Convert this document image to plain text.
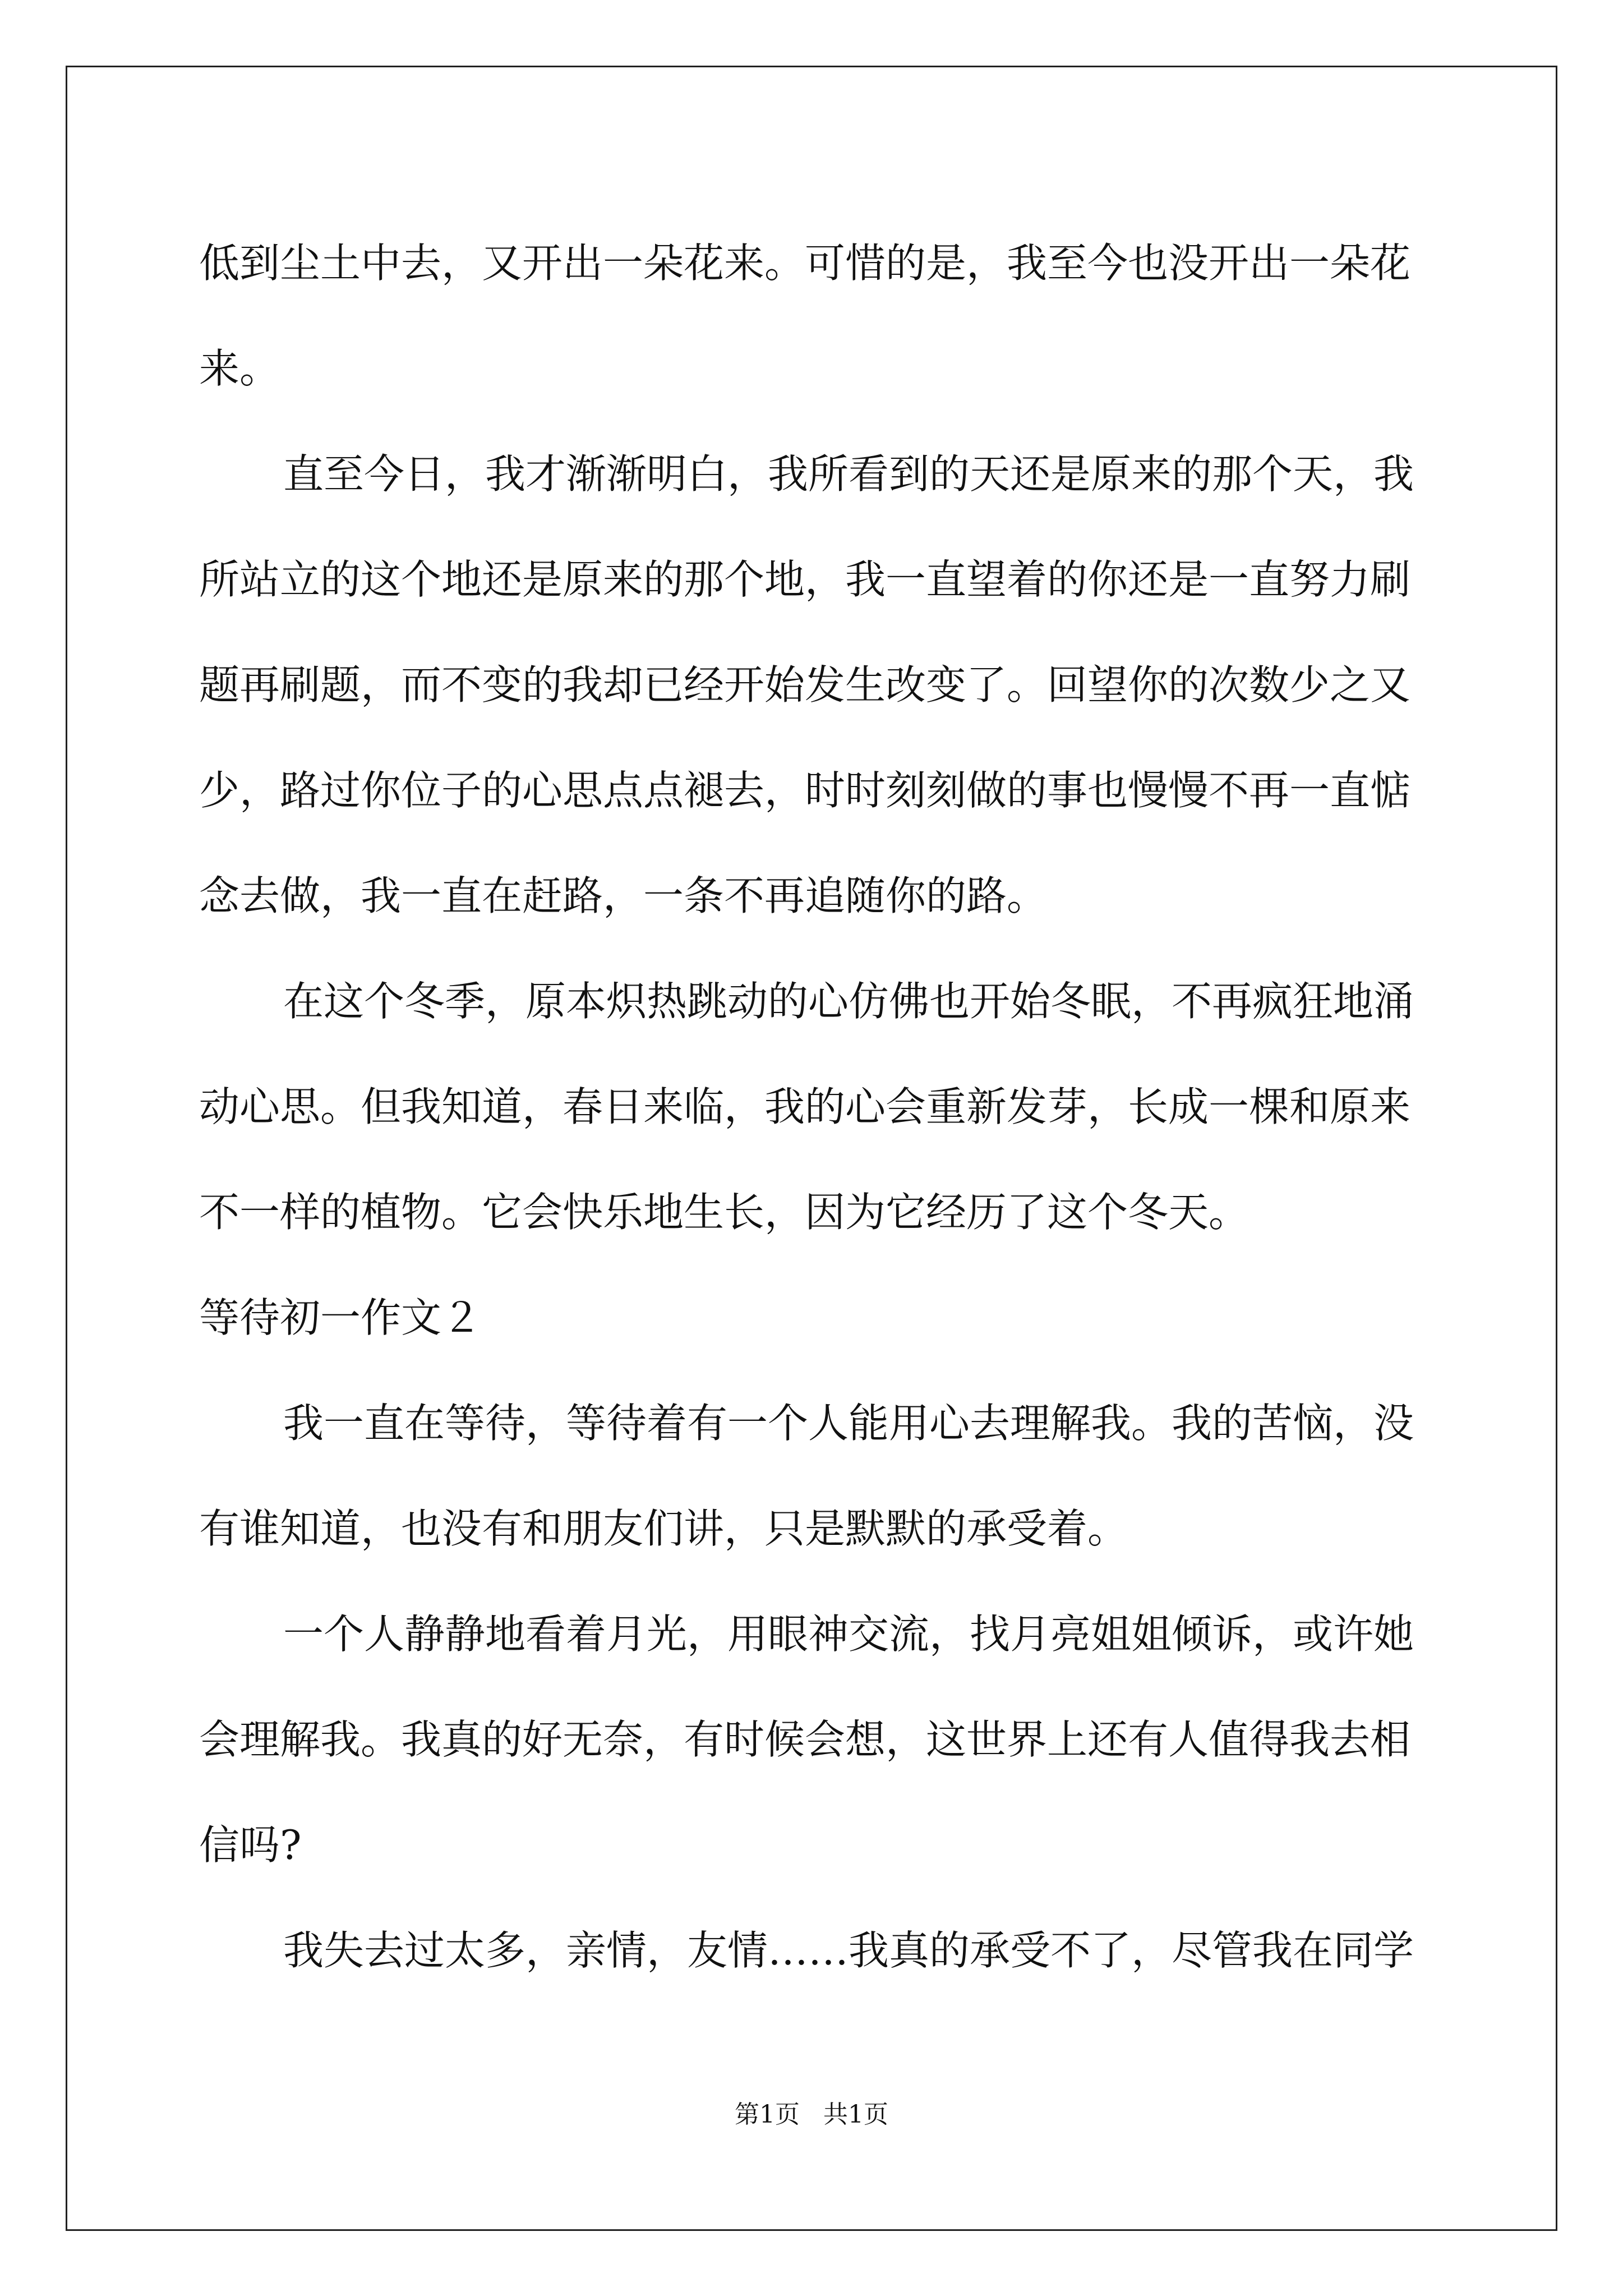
低到尘土中去，又开出一朵花来。可惜的是，我至今也没开出一朵花
来。
直至今日，我才渐渐明白，我所看到的天还是原来的那个天，我
所站立的这个地还是原来的那个地，我一直望着的你还是一直努力刷
题再刷题，而不变的我却已经开始发生改变了。回望你的次数少之又
少，路过你位子的心思点点褪去，时时刻刻做的事也慢慢不再一直惦
念去做，我一直在赶路，一条不再追随你的路。
在这个冬季，原本炽热跳动的心仿佛也开始冬眠，不再疯狂地涌
动心思。但我知道，春日来临，我的心会重新发芽，长成一棵和原来
不一样的植物。它会快乐地生长，因为它经历了这个冬天。
等待初一作文２
我一直在等待，等待着有一个人能用心去理解我。我的苦恼，没
有谁知道，也没有和朋友们讲，只是默默的承受着。
一个人静静地看着月光，用眼神交流，找月亮姐姐倾诉，或许她
会理解我。我真的好无奈，有时候会想，这世界上还有人值得我去相
信吗?
我失去过太多，亲情，友情……我真的承受不了，尽管我在同学
第1页   共1页
